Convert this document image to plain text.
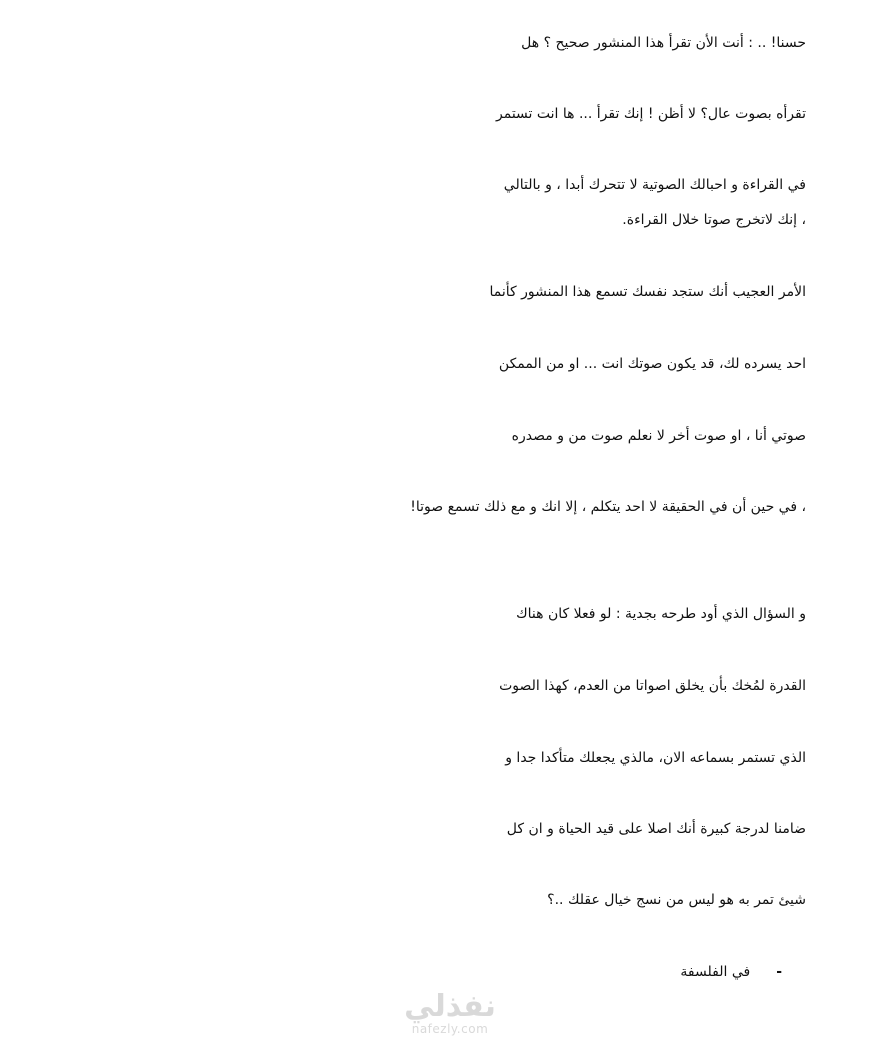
حسنا! .. : أنت الأن تقرأ هذا المنشور صحيح ؟ هل
تقرأه بصوت عال؟ لا أظن ! إنك تقرأ ... ها انت تستمر
في القراءة و احبالك الصوتية لا تتحرك أبدا ، و بالتالي
، إنك لاتخرج صوتا خلال القراءة.
الأمر العجيب أنك ستجد نفسك تسمع هذا المنشور كأنما
احد يسرده لك، قد يكون صوتك انت ... او من الممكن
صوتي أنا ، او صوت أخر لا نعلم صوت من و مصدره
، في حين أن في الحقيقة لا احد يتكلم ، إلا انك و مع ذلك تسمع صوتا!
و السؤال الذي أود طرحه بجدية : لو فعلا كان هناك
القدرة لمُخك بأن يخلق اصواتا من العدم، كهذا الصوت
الذي تستمر بسماعه الان، مالذي يجعلك متأكدا جدا و
ضامنا لدرجة كبيرة أنك اصلا على قيد الحياة و ان كل
شيئ تمر به هو ليس من نسج خيال عقلك ..؟
-
في الفلسفة
نفذلي
nafezly.com
